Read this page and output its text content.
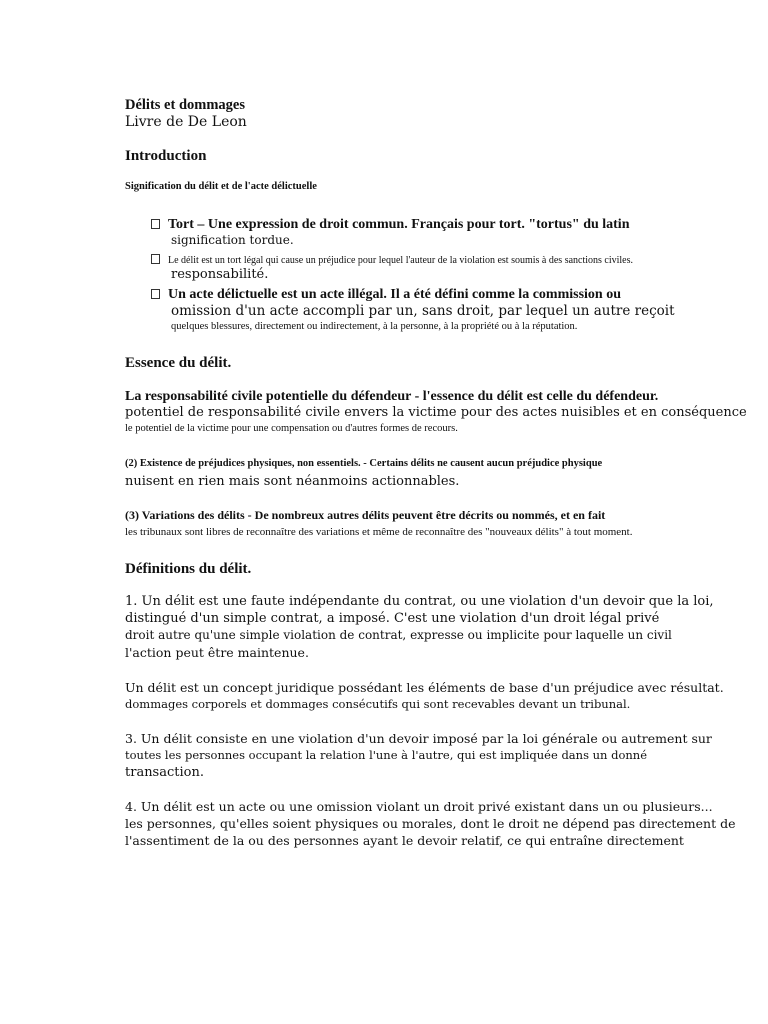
Délits et dommages
Livre de De Leon
Introduction
Signification du délit et de l'acte délictuelle
Tort – Une expression de droit commun. Français pour tort. "tortus" du latin
signification tordue.
Le délit est un tort légal qui cause un préjudice pour lequel l'auteur de la violation est soumis à des sanctions civiles.
responsabilité.
Un acte délictuelle est un acte illégal. Il a été défini comme la commission ou
omission d'un acte accompli par un, sans droit, par lequel un autre reçoit
quelques blessures, directement ou indirectement, à la personne, à la propriété ou à la réputation.
Essence du délit.
La responsabilité civile potentielle du défendeur - l'essence du délit est celle du défendeur.
potentiel de responsabilité civile envers la victime pour des actes nuisibles et en conséquence
le potentiel de la victime pour une compensation ou d'autres formes de recours.
(2) Existence de préjudices physiques, non essentiels. - Certains délits ne causent aucun préjudice physique
nuisent en rien mais sont néanmoins actionnables.
(3) Variations des délits - De nombreux autres délits peuvent être décrits ou nommés, et en fait
les tribunaux sont libres de reconnaître des variations et même de reconnaître des "nouveaux délits" à tout moment.
Définitions du délit.
1. Un délit est une faute indépendante du contrat, ou une violation d'un devoir que la loi,
distingué d'un simple contrat, a imposé. C'est une violation d'un droit légal privé
droit autre qu'une simple violation de contrat, expresse ou implicite pour laquelle un civil
l'action peut être maintenue.
Un délit est un concept juridique possédant les éléments de base d'un préjudice avec résultat.
dommages corporels et dommages consécutifs qui sont recevables devant un tribunal.
3. Un délit consiste en une violation d'un devoir imposé par la loi générale ou autrement sur
toutes les personnes occupant la relation l'une à l'autre, qui est impliquée dans un donné
transaction.
4. Un délit est un acte ou une omission violant un droit privé existant dans un ou plusieurs...
les personnes, qu'elles soient physiques ou morales, dont le droit ne dépend pas directement de
l'assentiment de la ou des personnes ayant le devoir relatif, ce qui entraîne directement
